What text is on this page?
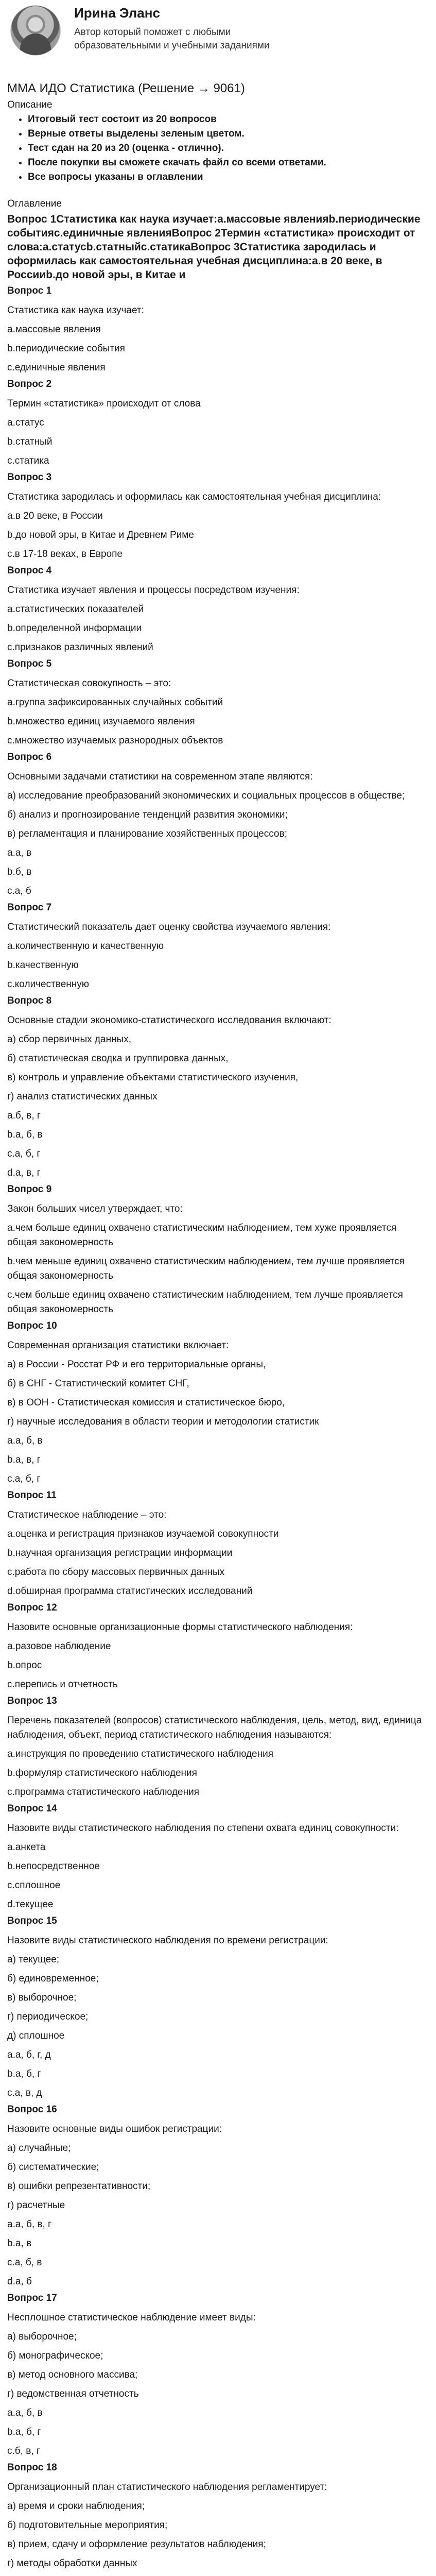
Ирина Эланс
Автор который поможет с любыми образовательными и учебными заданиями
ММА ИДО Статистика (Решение → 9061)
Описание
• Итоговый тест состоит из 20 вопросов
• Верные ответы выделены зеленым цветом.
• Тест сдан на 20 из 20 (оценка - отлично).
• После покупки вы сможете скачать файл со всеми ответами.
• Все вопросы указаны в оглавлении
Оглавление
Вопрос 1Статистика как наука изучает:a.массовые явленияb.периодические событияc.единичные явленияВопрос 2Термин «статистика» происходит от слова:a.статусb.статныйc.статикаВопрос 3Статистика зародилась и оформилась как самостоятельная учебная дисциплина:a.в 20 веке, в Россииb.до новой эры, в Китае и
Вопрос 1
Статистика как наука изучает:
a.массовые явления
b.периодические события
c.единичные явления
Вопрос 2
Термин «статистика» происходит от слова
a.статус
b.статный
c.статика
Вопрос 3
Статистика зародилась и оформилась как самостоятельная учебная дисциплина:
a.в 20 веке, в России
b.до новой эры, в Китае и Древнем Риме
c.в 17-18 веках, в Европе
Вопрос 4
Статистика изучает явления и процессы посредством изучения:
a.статистических показателей
b.определенной информации
c.признаков различных явлений
Вопрос 5
Статистическая совокупность – это:
a.группа зафиксированных случайных событий
b.множество единиц изучаемого явления
c.множество изучаемых разнородных объектов
Вопрос 6
Основными задачами статистики на современном этапе являются:
а) исследование преобразований экономических и социальных процессов в обществе;
б) анализ и прогнозирование тенденций развития экономики;
в) регламентация и планирование хозяйственных процессов;
a.а, в
b.б, в
c.а, б
Вопрос 7
Статистический показатель дает оценку свойства изучаемого явления:
a.количественную и качественную
b.качественную
c.количественную
Вопрос 8
Основные стадии экономико-статистического исследования включают:
а) сбор первичных данных,
б) статистическая сводка и группировка данных,
в) контроль и управление объектами статистического изучения,
г) анализ статистических данных
a.б, в, г
b.а, б, в
c.а, б, г
d.а, в, г
Вопрос 9
Закон больших чисел утверждает, что:
a.чем больше единиц охвачено статистическим наблюдением, тем хуже проявляется общая закономерность
b.чем меньше единиц охвачено статистическим наблюдением, тем лучше проявляется общая закономерность
c.чем больше единиц охвачено статистическим наблюдением, тем лучше проявляется общая закономерность
Вопрос 10
Современная организация статистики включает:
а) в России - Росстат РФ и его территориальные органы,
б) в СНГ - Статистический комитет СНГ,
в) в ООН - Статистическая комиссия и статистическое бюро,
г) научные исследования в области теории и методологии статистик
a.а, б, в
b.а, в, г
c.а, б, г
Вопрос 11
Статистическое наблюдение – это:
a.оценка и регистрация признаков изучаемой совокупности
b.научная организация регистрации информации
c.работа по сбору массовых первичных данных
d.обширная программа статистических исследований
Вопрос 12
Назовите основные организационные формы статистического наблюдения:
a.разовое наблюдение
b.опрос
c.перепись и отчетность
Вопрос 13
Перечень показателей (вопросов) статистического наблюдения, цель, метод, вид, единица наблюдения, объект, период статистического наблюдения называются:
a.инструкция по проведению статистического наблюдения
b.формуляр статистического наблюдения
c.программа статистического наблюдения
Вопрос 14
Назовите виды статистического наблюдения по степени охвата единиц совокупности:
a.анкета
b.непосредственное
c.сплошное
d.текущее
Вопрос 15
Назовите виды статистического наблюдения по времени регистрации:
а) текущее;
б) единовременное;
в) выборочное;
г) периодическое;
д) сплошное
a.а, б, г, д
b.а, б, г
c.а, в, д
Вопрос 16
Назовите основные виды ошибок регистрации:
а) случайные;
б) систематические;
в) ошибки репрезентативности;
г) расчетные
a.а, б, в, г
b.а, в
c.а, б, в
d.а, б
Вопрос 17
Несплошное статистическое наблюдение имеет виды:
а) выборочное;
б) монографическое;
в) метод основного массива;
г) ведомственная отчетность
a.а, б, в
b.а, б, г
c.б, в, г
Вопрос 18
Организационный план статистического наблюдения регламентирует:
а) время и сроки наблюдения;
б) подготовительные мероприятия;
в) прием, сдачу и оформление результатов наблюдения;
г) методы обработки данных
